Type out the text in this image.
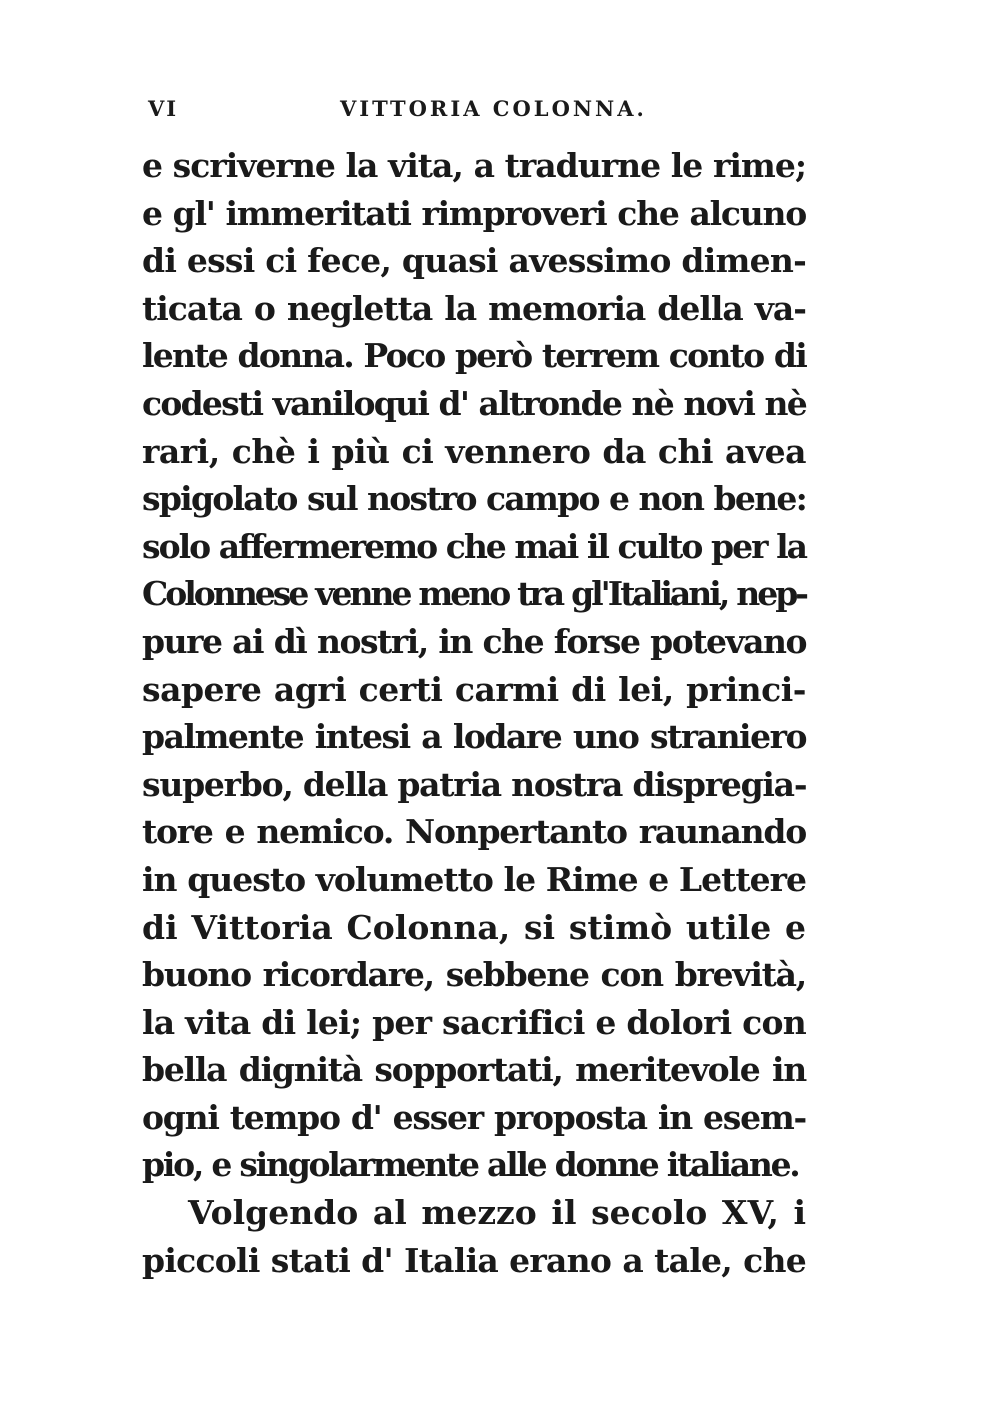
VI	VITTORIA COLONNA.
e scriverne la vita, a tradurne le rime;
e gl' immeritati rimproveri che alcuno
di essi ci fece, quasi avessimo dimen-
ticata o negletta la memoria della va-
lente donna. Poco però terrem conto di
codesti vaniloqui d' altronde nè novi nè
rari, chè i più ci vennero da chi avea
spigolato sul nostro campo e non bene:
solo affermeremo che mai il culto per la
Colonnese venne meno tra gl'Italiani, nep-
pure ai dì nostri, in che forse potevano
sapere agri certi carmi di lei, princi-
palmente intesi a lodare uno straniero
superbo, della patria nostra dispregia-
tore e nemico. Nonpertanto raunando
in questo volumetto le Rime e Lettere
di Vittoria Colonna, si stimò utile e
buono ricordare, sebbene con brevità,
la vita di lei; per sacrifici e dolori con
bella dignità sopportati, meritevole in
ogni tempo d' esser proposta in esem-
pio, e singolarmente alle donne italiane.
Volgendo al mezzo il secolo XV, i
piccoli stati d' Italia erano a tale, che
